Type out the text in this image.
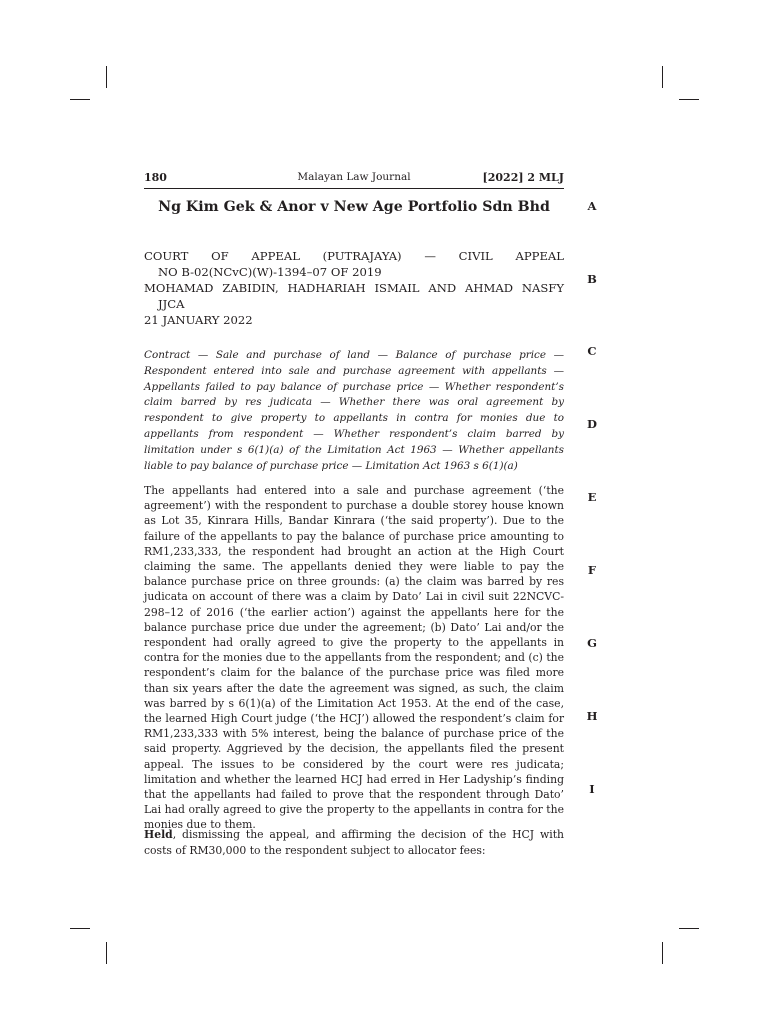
180	Malayan Law Journal	[2022] 2 MLJ
Ng Kim Gek & Anor v New Age Portfolio Sdn Bhd
COURT OF APPEAL (PUTRAJAYA) — CIVIL APPEAL
NO B-02(NCvC)(W)-1394–07 OF 2019
MOHAMAD ZABIDIN, HADHARIAH ISMAIL AND AHMAD NASFY
JJCA
21 JANUARY 2022
Contract — Sale and purchase of land — Balance of purchase price — Respondent entered into sale and purchase agreement with appellants — Appellants failed to pay balance of purchase price — Whether respondent’s claim barred by res judicata — Whether there was oral agreement by respondent to give property to appellants in contra for monies due to appellants from respondent — Whether respondent’s claim barred by limitation under s 6(1)(a) of the Limitation Act 1963 — Whether appellants liable to pay balance of purchase price — Limitation Act 1963 s 6(1)(a)
The appellants had entered into a sale and purchase agreement (‘the agreement’) with the respondent to purchase a double storey house known as Lot 35, Kinrara Hills, Bandar Kinrara (‘the said property’). Due to the failure of the appellants to pay the balance of purchase price amounting to RM1,233,333, the respondent had brought an action at the High Court claiming the same. The appellants denied they were liable to pay the balance purchase price on three grounds: (a) the claim was barred by res judicata on account of there was a claim by Dato’ Lai in civil suit 22NCVC-298–12 of 2016 (‘the earlier action’) against the appellants here for the balance purchase price due under the agreement; (b) Dato’ Lai and/or the respondent had orally agreed to give the property to the appellants in contra for the monies due to the appellants from the respondent; and (c) the respondent’s claim for the balance of the purchase price was filed more than six years after the date the agreement was signed, as such, the claim was barred by s 6(1)(a) of the Limitation Act 1953. At the end of the case, the learned High Court judge (‘the HCJ’) allowed the respondent’s claim for RM1,233,333 with 5% interest, being the balance of purchase price of the said property. Aggrieved by the decision, the appellants filed the present appeal. The issues to be considered by the court were res judicata; limitation and whether the learned HCJ had erred in Her Ladyship’s finding that the appellants had failed to prove that the respondent through Dato’ Lai had orally agreed to give the property to the appellants in contra for the monies due to them.
Held, dismissing the appeal, and affirming the decision of the HCJ with costs of RM30,000 to the respondent subject to allocator fees:
A
B
C
D
E
F
G
H
I
